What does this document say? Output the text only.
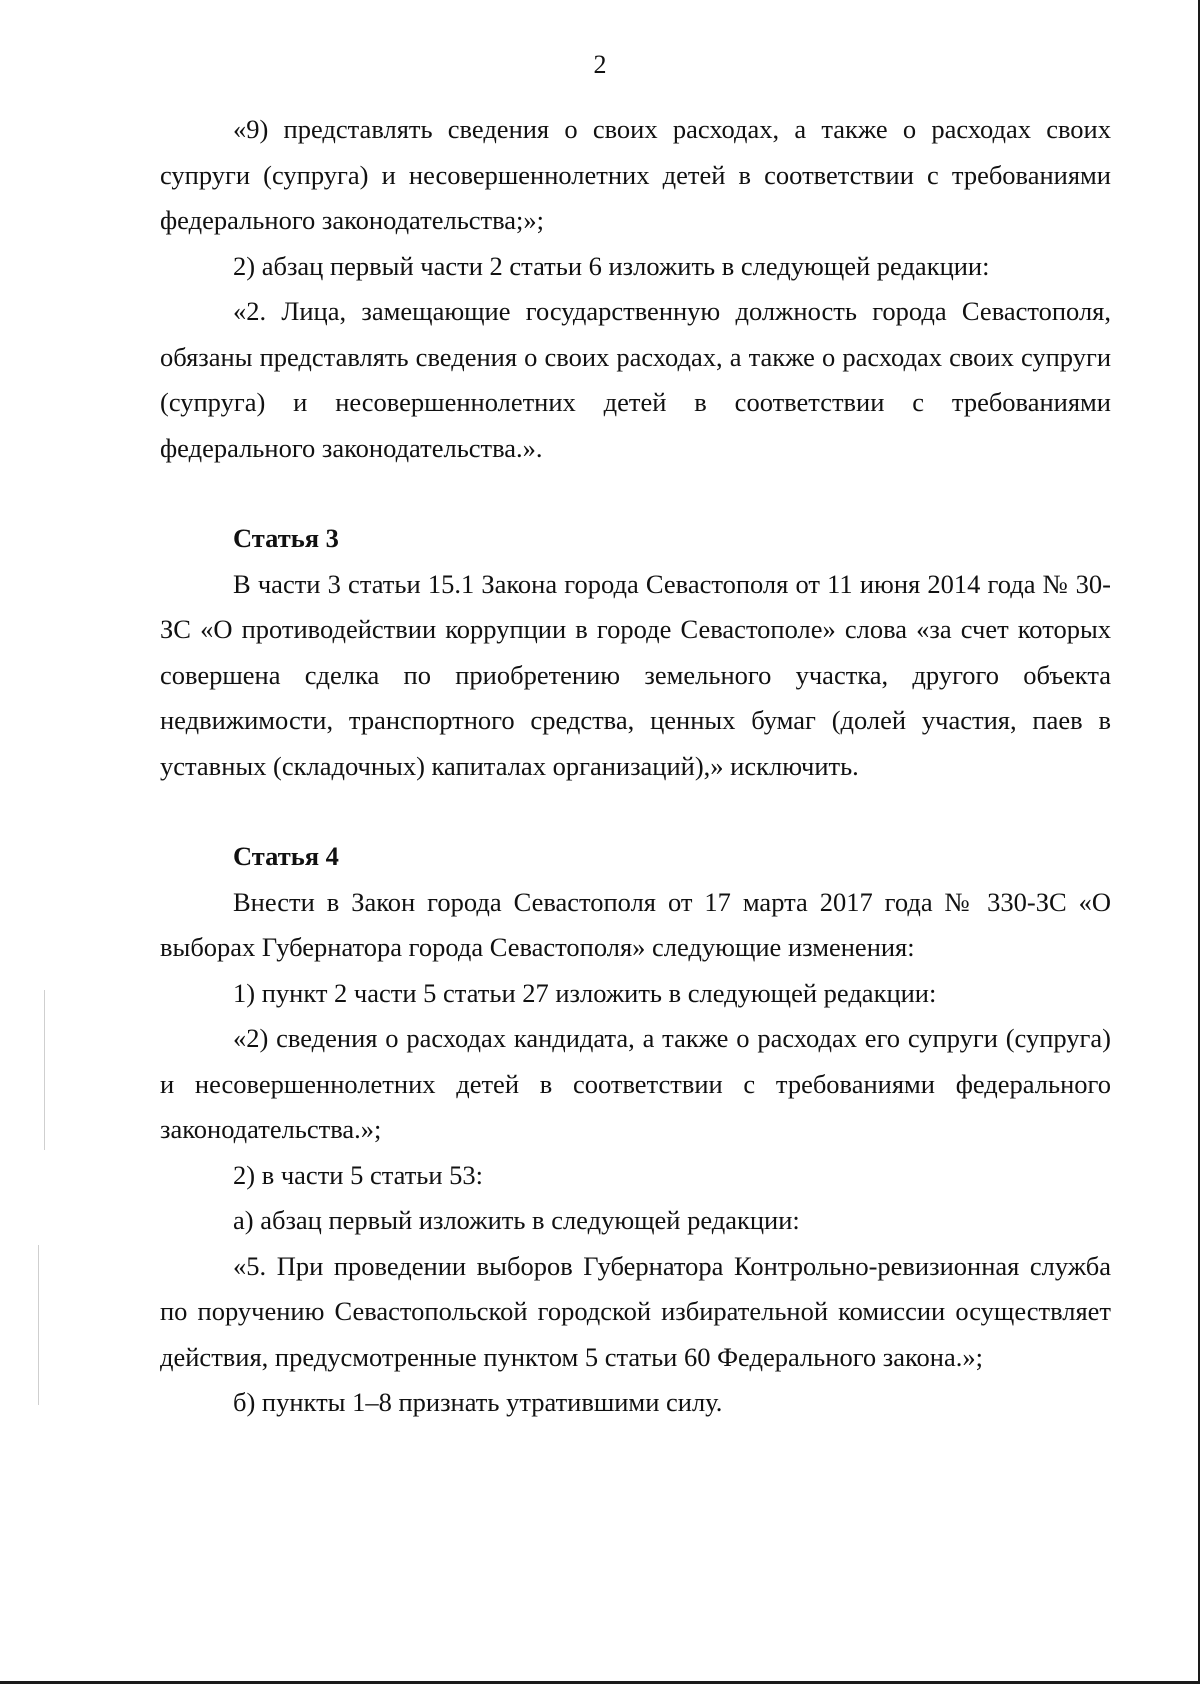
2

«9) представлять сведения о своих расходах, а также о расходах своих супруги (супруга) и несовершеннолетних детей в соответствии с требованиями федерального законодательства;»;

2) абзац первый части 2 статьи 6 изложить в следующей редакции:

«2. Лица, замещающие государственную должность города Севастополя, обязаны представлять сведения о своих расходах, а также о расходах своих супруги (супруга) и несовершеннолетних детей в соответствии с требованиями федерального законодательства.».

Статья 3

В части 3 статьи 15.1 Закона города Севастополя от 11 июня 2014 года № 30-ЗС «О противодействии коррупции в городе Севастополе» слова «за счет которых совершена сделка по приобретению земельного участка, другого объекта недвижимости, транспортного средства, ценных бумаг (долей участия, паев в уставных (складочных) капиталах организаций),» исключить.

Статья 4

Внести в Закон города Севастополя от 17 марта 2017 года № 330-ЗС «О выборах Губернатора города Севастополя» следующие изменения:

1) пункт 2 части 5 статьи 27 изложить в следующей редакции:

«2) сведения о расходах кандидата, а также о расходах его супруги (супруга) и несовершеннолетних детей в соответствии с требованиями федерального законодательства.»;

2) в части 5 статьи 53:

а) абзац первый изложить в следующей редакции:

«5. При проведении выборов Губернатора Контрольно-ревизионная служба по поручению Севастопольской городской избирательной комиссии осуществляет действия, предусмотренные пунктом 5 статьи 60 Федерального закона.»;

б) пункты 1–8 признать утратившими силу.
